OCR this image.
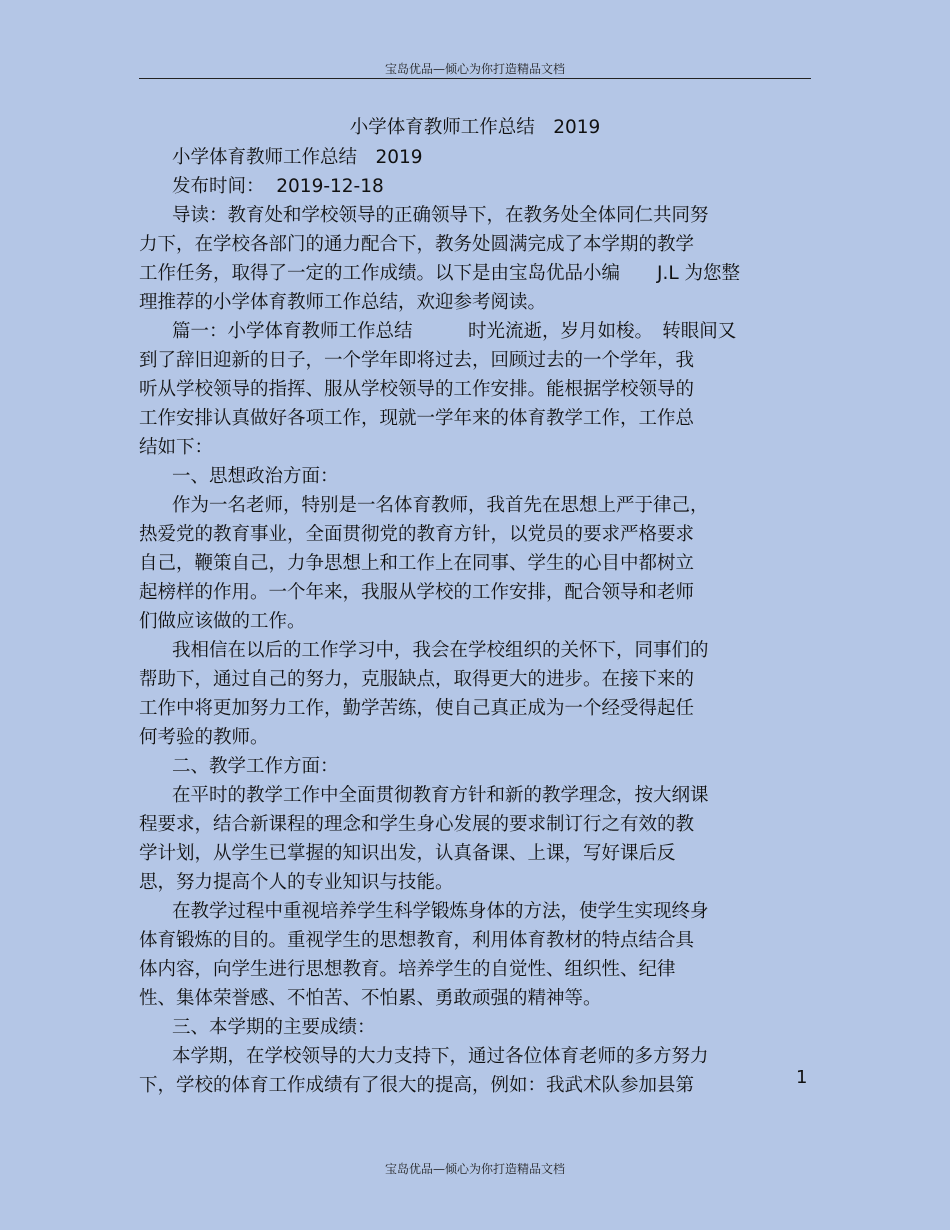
宝岛优品—倾心为你打造精品文档
小学体育教师工作总结　2019
小学体育教师工作总结　2019
发布时间：  2019-12-18
导读：教育处和学校领导的正确领导下，在教务处全体同仁共同努
力下，在学校各部门的通力配合下，教务处圆满完成了本学期的教学
工作任务，取得了一定的工作成绩。以下是由宝岛优品小编　　J.L 为您整
理推荐的小学体育教师工作总结，欢迎参考阅读。
篇一：小学体育教师工作总结　　　时光流逝，岁月如梭。　转眼间又
到了辞旧迎新的日子，一个学年即将过去，回顾过去的一个学年，我
听从学校领导的指挥、服从学校领导的工作安排。能根据学校领导的
工作安排认真做好各项工作，现就一学年来的体育教学工作，工作总
结如下：
一、思想政治方面：
作为一名老师，特别是一名体育教师，我首先在思想上严于律己，
热爱党的教育事业，全面贯彻党的教育方针，以党员的要求严格要求
自己，鞭策自己，力争思想上和工作上在同事、学生的心目中都树立
起榜样的作用。一个年来，我服从学校的工作安排，配合领导和老师
们做应该做的工作。
我相信在以后的工作学习中，我会在学校组织的关怀下，同事们的
帮助下，通过自己的努力，克服缺点，取得更大的进步。在接下来的
工作中将更加努力工作，勤学苦练，使自己真正成为一个经受得起任
何考验的教师。
二、教学工作方面：
在平时的教学工作中全面贯彻教育方针和新的教学理念，按大纲课
程要求，结合新课程的理念和学生身心发展的要求制订行之有效的教
学计划，从学生已掌握的知识出发，认真备课、上课，写好课后反
思，努力提高个人的专业知识与技能。
在教学过程中重视培养学生科学锻炼身体的方法，使学生实现终身
体育锻炼的目的。重视学生的思想教育，利用体育教材的特点结合具
体内容，向学生进行思想教育。培养学生的自觉性、组织性、纪律
性、集体荣誉感、不怕苦、不怕累、勇敢顽强的精神等。
三、本学期的主要成绩：
本学期，在学校领导的大力支持下，通过各位体育老师的多方努力
下，学校的体育工作成绩有了很大的提高，例如：我武术队参加县第	1
宝岛优品—倾心为你打造精品文档
